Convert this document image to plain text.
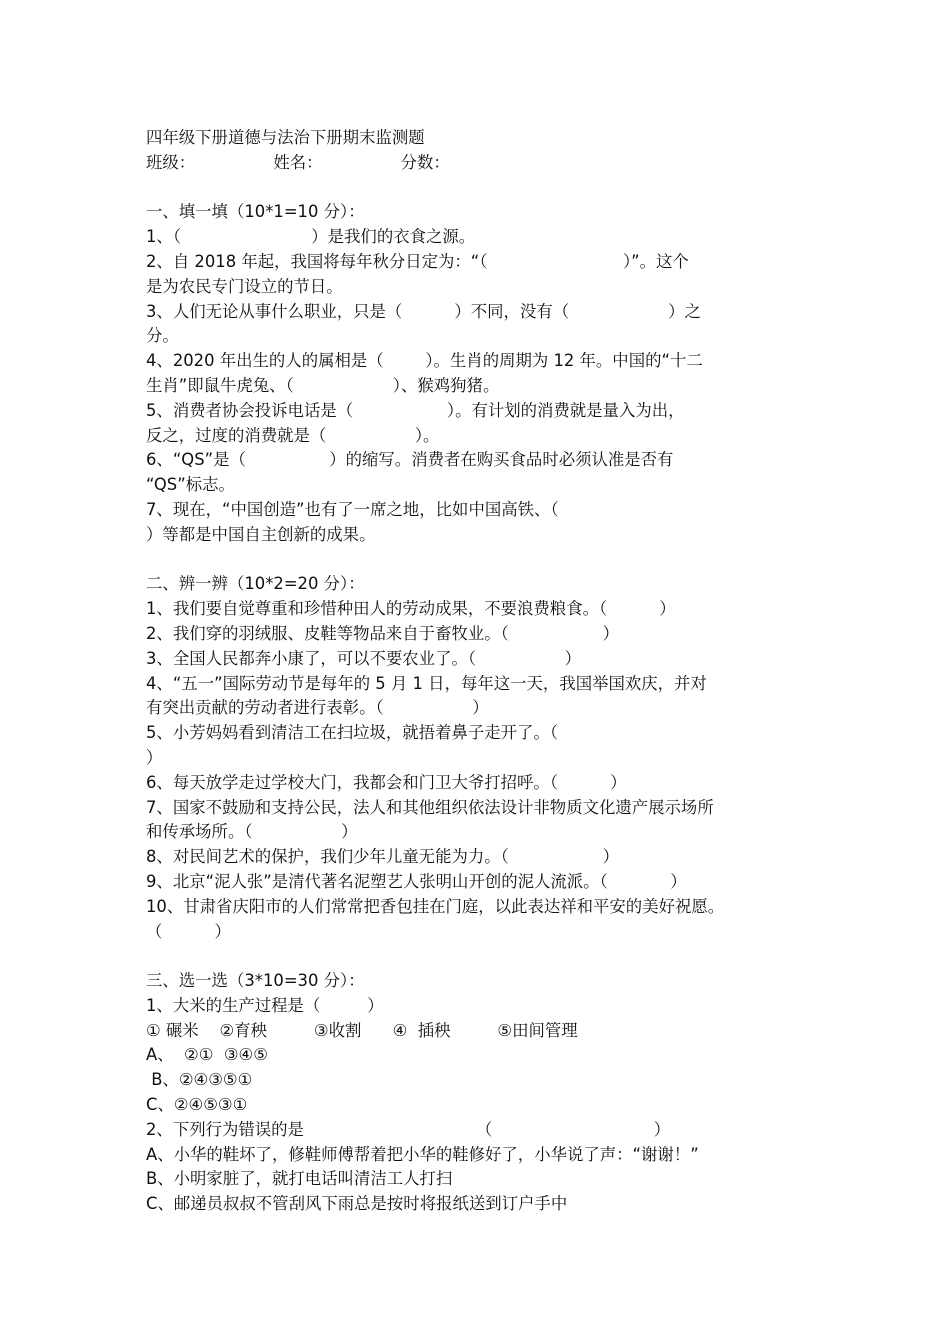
四年级下册道德与法治下册期末监测题
班级：               姓名：               分数：
一、填一填（10*1=10 分）：
1、（                         ）是我们的衣食之源。
2、自 2018 年起，我国将每年秋分日定为：“（                          ）”。这个
是为农民专门设立的节日。
3、人们无论从事什么职业，只是（          ）不同，没有（                   ）之
分。
4、2020 年出生的人的属相是（        ）。生肖的周期为 12 年。中国的“十二
生肖”即鼠牛虎兔、（                   ）、猴鸡狗猪。
5、消费者协会投诉电话是（                  ）。有计划的消费就是量入为出，
反之，过度的消费就是（                 ）。
6、“QS”是（                ）的缩写。消费者在购买食品时必须认准是否有
“QS”标志。
7、现在，“中国创造”也有了一席之地，比如中国高铁、（
）等都是中国自主创新的成果。
二、辨一辨（10*2=20 分）：
1、我们要自觉尊重和珍惜种田人的劳动成果，不要浪费粮食。（          ）
2、我们穿的羽绒服、皮鞋等物品来自于畜牧业。（                  ）
3、全国人民都奔小康了，可以不要农业了。（                 ）
4、“五一”国际劳动节是每年的 5 月 1 日，每年这一天，我国举国欢庆，并对
有突出贡献的劳动者进行表彰。（                 ）
5、小芳妈妈看到清洁工在扫垃圾，就捂着鼻子走开了。（
）
6、每天放学走过学校大门，我都会和门卫大爷打招呼。（          ）
7、国家不鼓励和支持公民，法人和其他组织依法设计非物质文化遗产展示场所
和传承场所。（                 ）
8、对民间艺术的保护，我们少年儿童无能为力。（                  ）
9、北京“泥人张”是清代著名泥塑艺人张明山开创的泥人流派。（            ）
10、甘肃省庆阳市的人们常常把香包挂在门庭，以此表达祥和平安的美好祝愿。
（          ）
三、选一选（3*10=30 分）：
1、大米的生产过程是（         ）
① 碾米    ②育秧         ③收割      ④  插秧         ⑤田间管理
A、  ②①  ③④⑤
B、②④③⑤①
C、②④⑤③①
2、下列行为错误的是                                 （                               ）
A、小华的鞋坏了，修鞋师傅帮着把小华的鞋修好了，小华说了声：“谢谢！”
B、小明家脏了，就打电话叫清洁工人打扫
C、邮递员叔叔不管刮风下雨总是按时将报纸送到订户手中
